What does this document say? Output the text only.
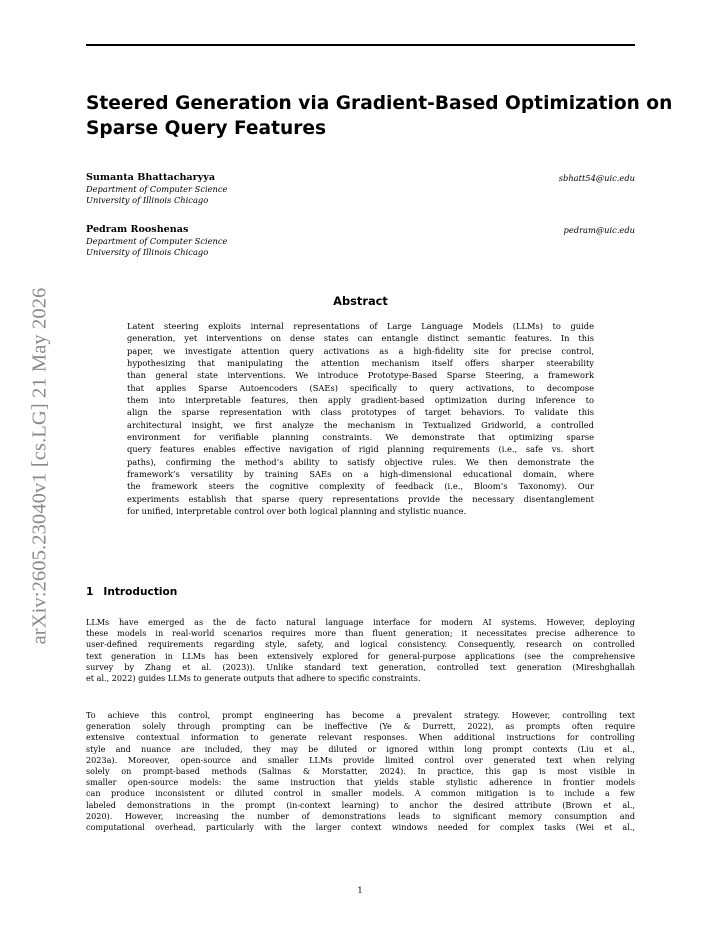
arXiv:2605.23040v1 [cs.LG] 21 May 2026
Steered Generation via Gradient-Based Optimization on
Sparse Query Features
Sumanta Bhattacharyya	sbhatt54@uic.edu
Department of Computer Science
University of Illinois Chicago
Pedram Rooshenas	pedram@uic.edu
Department of Computer Science
University of Illinois Chicago
Abstract
Latent steering exploits internal representations of Large Language Models (LLMs) to guide
generation, yet interventions on dense states can entangle distinct semantic features. In this
paper, we investigate attention query activations as a high-fidelity site for precise control,
hypothesizing that manipulating the attention mechanism itself offers sharper steerability
than general state interventions. We introduce Prototype-Based Sparse Steering, a framework
that applies Sparse Autoencoders (SAEs) specifically to query activations, to decompose
them into interpretable features, then apply gradient-based optimization during inference to
align the sparse representation with class prototypes of target behaviors. To validate this
architectural insight, we first analyze the mechanism in Textualized Gridworld, a controlled
environment for verifiable planning constraints. We demonstrate that optimizing sparse
query features enables effective navigation of rigid planning requirements (i.e., safe vs. short
paths), confirming the method’s ability to satisfy objective rules. We then demonstrate the
framework’s versatility by training SAEs on a high-dimensional educational domain, where
the framework steers the cognitive complexity of feedback (i.e., Bloom’s Taxonomy). Our
experiments establish that sparse query representations provide the necessary disentanglement
for unified, interpretable control over both logical planning and stylistic nuance.
1 Introduction
LLMs have emerged as the de facto natural language interface for modern AI systems. However, deploying
these models in real-world scenarios requires more than fluent generation; it necessitates precise adherence to
user-defined requirements regarding style, safety, and logical consistency. Consequently, research on controlled
text generation in LLMs has been extensively explored for general-purpose applications (see the comprehensive
survey by Zhang et al. (2023)). Unlike standard text generation, controlled text generation (Mireshghallah
et al., 2022) guides LLMs to generate outputs that adhere to specific constraints.
To achieve this control, prompt engineering has become a prevalent strategy. However, controlling text
generation solely through prompting can be ineffective (Ye & Durrett, 2022), as prompts often require
extensive contextual information to generate relevant responses. When additional instructions for controlling
style and nuance are included, they may be diluted or ignored within long prompt contexts (Liu et al.,
2023a). Moreover, open-source and smaller LLMs provide limited control over generated text when relying
solely on prompt-based methods (Salinas & Morstatter, 2024). In practice, this gap is most visible in
smaller open-source models: the same instruction that yields stable stylistic adherence in frontier models
can produce inconsistent or diluted control in smaller models. A common mitigation is to include a few
labeled demonstrations in the prompt (in-context learning) to anchor the desired attribute (Brown et al.,
2020). However, increasing the number of demonstrations leads to significant memory consumption and
computational overhead, particularly with the larger context windows needed for complex tasks (Wei et al.,
1
